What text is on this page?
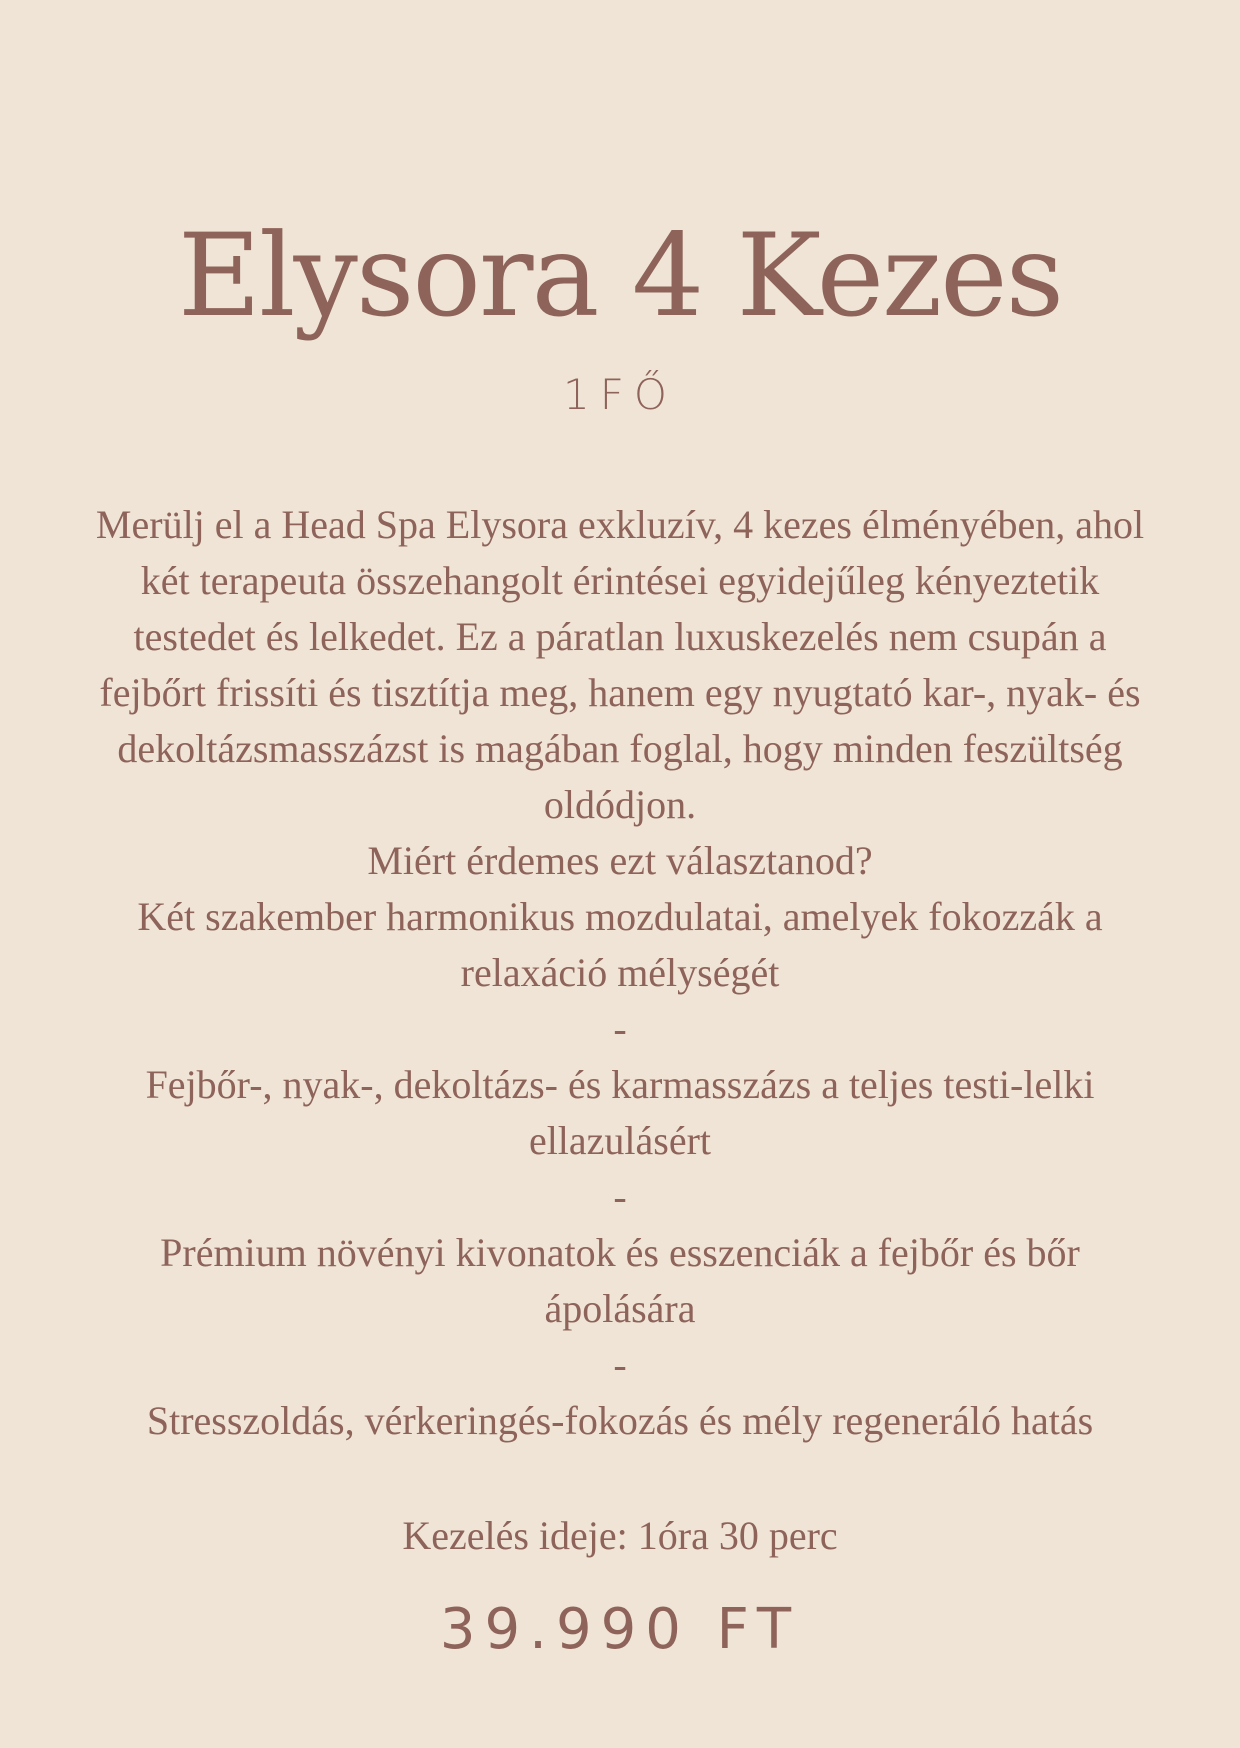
Elysora 4 Kezes
1FŐ

Merülj el a Head Spa Elysora exkluzív, 4 kezes élményében, ahol két terapeuta összehangolt érintései egyidejűleg kényeztetik testedet és lelkedet. Ez a páratlan luxuskezelés nem csupán a fejbőrt frissíti és tisztítja meg, hanem egy nyugtató kar-, nyak- és dekoltázsmasszázst is magában foglal, hogy minden feszültség oldódjon.

Miért érdemes ezt választanod?

Két szakember harmonikus mozdulatai, amelyek fokozzák a relaxáció mélységét

-

Fejbőr-, nyak-, dekoltázs- és karmasszázs a teljes testi-lelki ellazulásért

-

Prémium növényi kivonatok és esszenciák a fejbőr és bőr ápolására

-

Stresszoldás, vérkeringés-fokozás és mély regeneráló hatás

Kezelés ideje: 1óra 30 perc
39.990 FT
